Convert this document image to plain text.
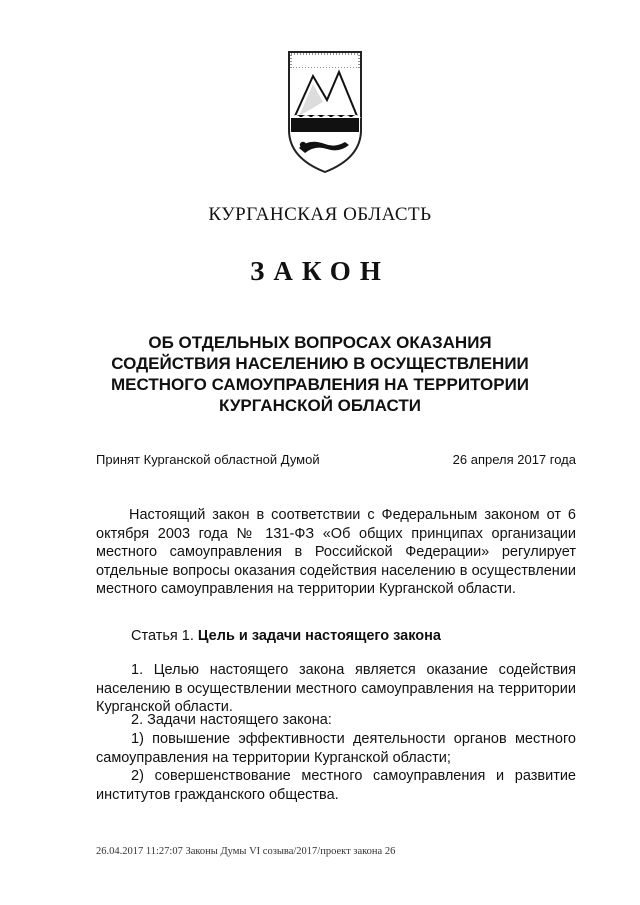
КУРГАНСКАЯ ОБЛАСТЬ
ЗАКОН
ОБ ОТДЕЛЬНЫХ ВОПРОСАХ ОКАЗАНИЯ
СОДЕЙСТВИЯ НАСЕЛЕНИЮ В ОСУЩЕСТВЛЕНИИ
МЕСТНОГО САМОУПРАВЛЕНИЯ НА ТЕРРИТОРИИ
КУРГАНСКОЙ ОБЛАСТИ
Принят Курганской областной Думой	26 апреля 2017 года
Настоящий закон в соответствии с Федеральным законом от 6 октября 2003 года № 131-ФЗ «Об общих принципах организации местного самоуправления в Российской Федерации» регулирует отдельные вопросы оказания содействия населению в осуществлении местного самоуправления на территории Курганской области.
Статья 1. Цель и задачи настоящего закона
1. Целью настоящего закона является оказание содействия населению в осуществлении местного самоуправления на территории Курганской области.
2. Задачи настоящего закона:
1) повышение эффективности деятельности органов местного самоуправления на территории Курганской области;
2) совершенствование местного самоуправления и развитие институтов гражданского общества.
26.04.2017 11:27:07 Законы Думы VI созыва/2017/проект закона 26
